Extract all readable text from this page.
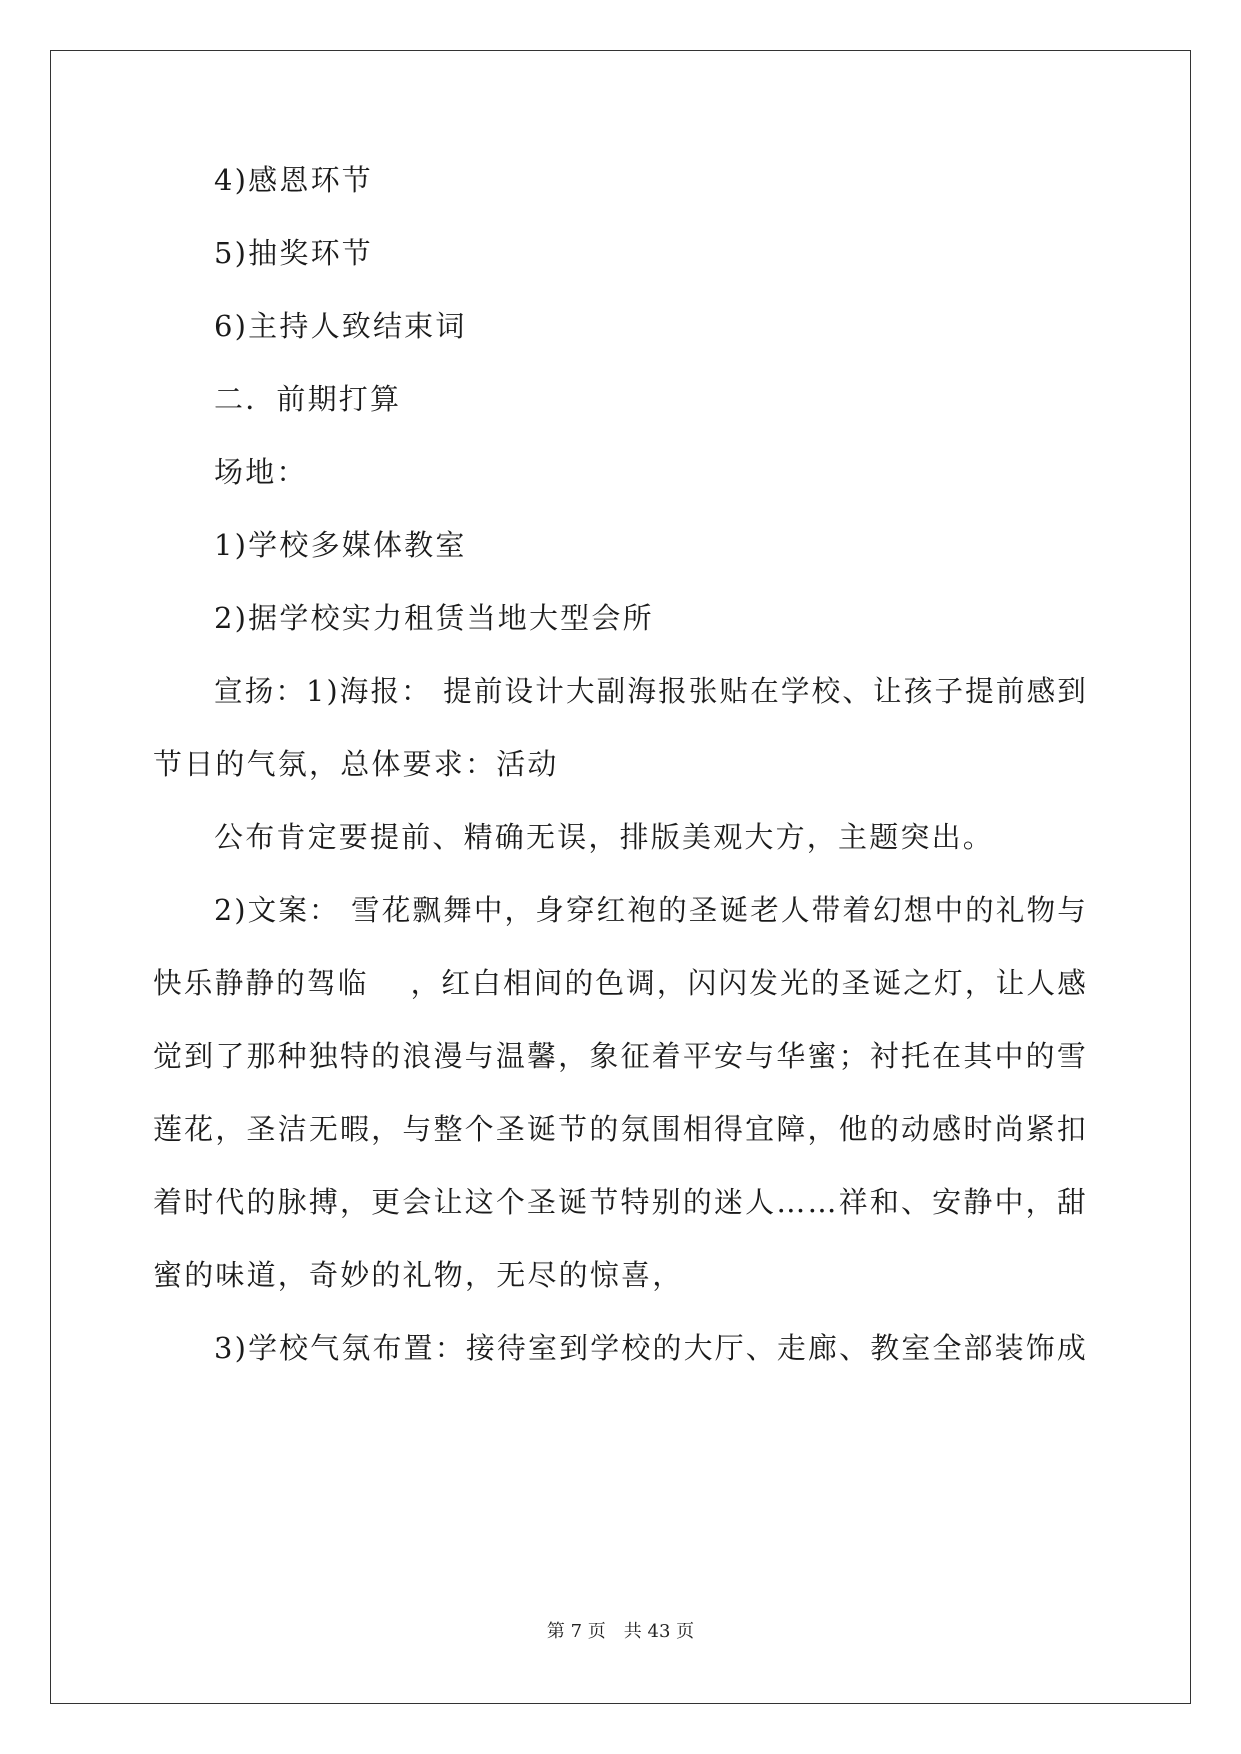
4)感恩环节
5)抽奖环节
6)主持人致结束词
二．前期打算
场地：
1)学校多媒体教室
2)据学校实力租赁当地大型会所
宣扬：1)海报： 提前设计大副海报张贴在学校、让孩子提前感到
节日的气氛，总体要求：活动
公布肯定要提前、精确无误，排版美观大方，主题突出。
2)文案： 雪花飘舞中，身穿红袍的圣诞老人带着幻想中的礼物与
快乐静静的驾临　 ，红白相间的色调，闪闪发光的圣诞之灯，让人感
觉到了那种独特的浪漫与温馨，象征着平安与华蜜；衬托在其中的雪
莲花，圣洁无暇，与整个圣诞节的氛围相得宜障，他的动感时尚紧扣
着时代的脉搏，更会让这个圣诞节特别的迷人……祥和、安静中，甜
蜜的味道，奇妙的礼物，无尽的惊喜，
3)学校气氛布置：接待室到学校的大厅、走廊、教室全部装饰成
第 7 页　共 43 页
